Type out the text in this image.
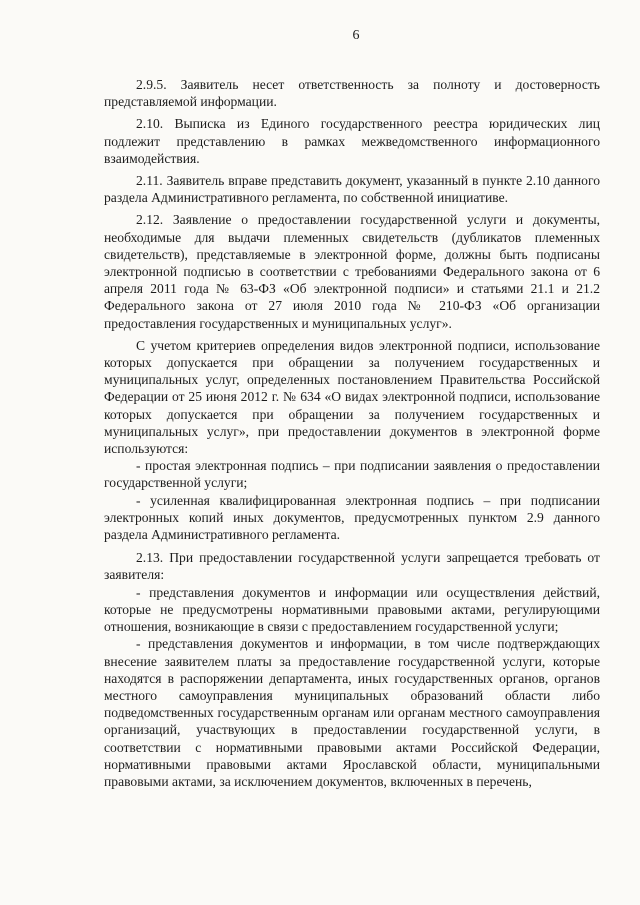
6

2.9.5. Заявитель несет ответственность за полноту и достоверность представляемой информации.

2.10. Выписка из Единого государственного реестра юридических лиц подлежит представлению в рамках межведомственного информационного взаимодействия.

2.11. Заявитель вправе представить документ, указанный в пункте 2.10 данного раздела Административного регламента, по собственной инициативе.

2.12. Заявление о предоставлении государственной услуги и документы, необходимые для выдачи племенных свидетельств (дубликатов племенных свидетельств), представляемые в электронной форме, должны быть подписаны электронной подписью в соответствии с требованиями Федерального закона от 6 апреля 2011 года № 63-ФЗ «Об электронной подписи» и статьями 21.1 и 21.2 Федерального закона от 27 июля 2010 года № 210-ФЗ «Об организации предоставления государственных и муниципальных услуг».

С учетом критериев определения видов электронной подписи, использование которых допускается при обращении за получением государственных и муниципальных услуг, определенных постановлением Правительства Российской Федерации от 25 июня 2012 г. № 634 «О видах электронной подписи, использование которых допускается при обращении за получением государственных и муниципальных услуг», при предоставлении документов в электронной форме используются:

- простая электронная подпись – при подписании заявления о предоставлении государственной услуги;

- усиленная квалифицированная электронная подпись – при подписании электронных копий иных документов, предусмотренных пунктом 2.9 данного раздела Административного регламента.

2.13. При предоставлении государственной услуги запрещается требовать от заявителя:

- представления документов и информации или осуществления действий, которые не предусмотрены нормативными правовыми актами, регулирующими отношения, возникающие в связи с предоставлением государственной услуги;

- представления документов и информации, в том числе подтверждающих внесение заявителем платы за предоставление государственной услуги, которые находятся в распоряжении департамента, иных государственных органов, органов местного самоуправления муниципальных образований области либо подведомственных государственным органам или органам местного самоуправления организаций, участвующих в предоставлении государственной услуги, в соответствии с нормативными правовыми актами Российской Федерации, нормативными правовыми актами Ярославской области, муниципальными правовыми актами, за исключением документов, включенных в перечень,
